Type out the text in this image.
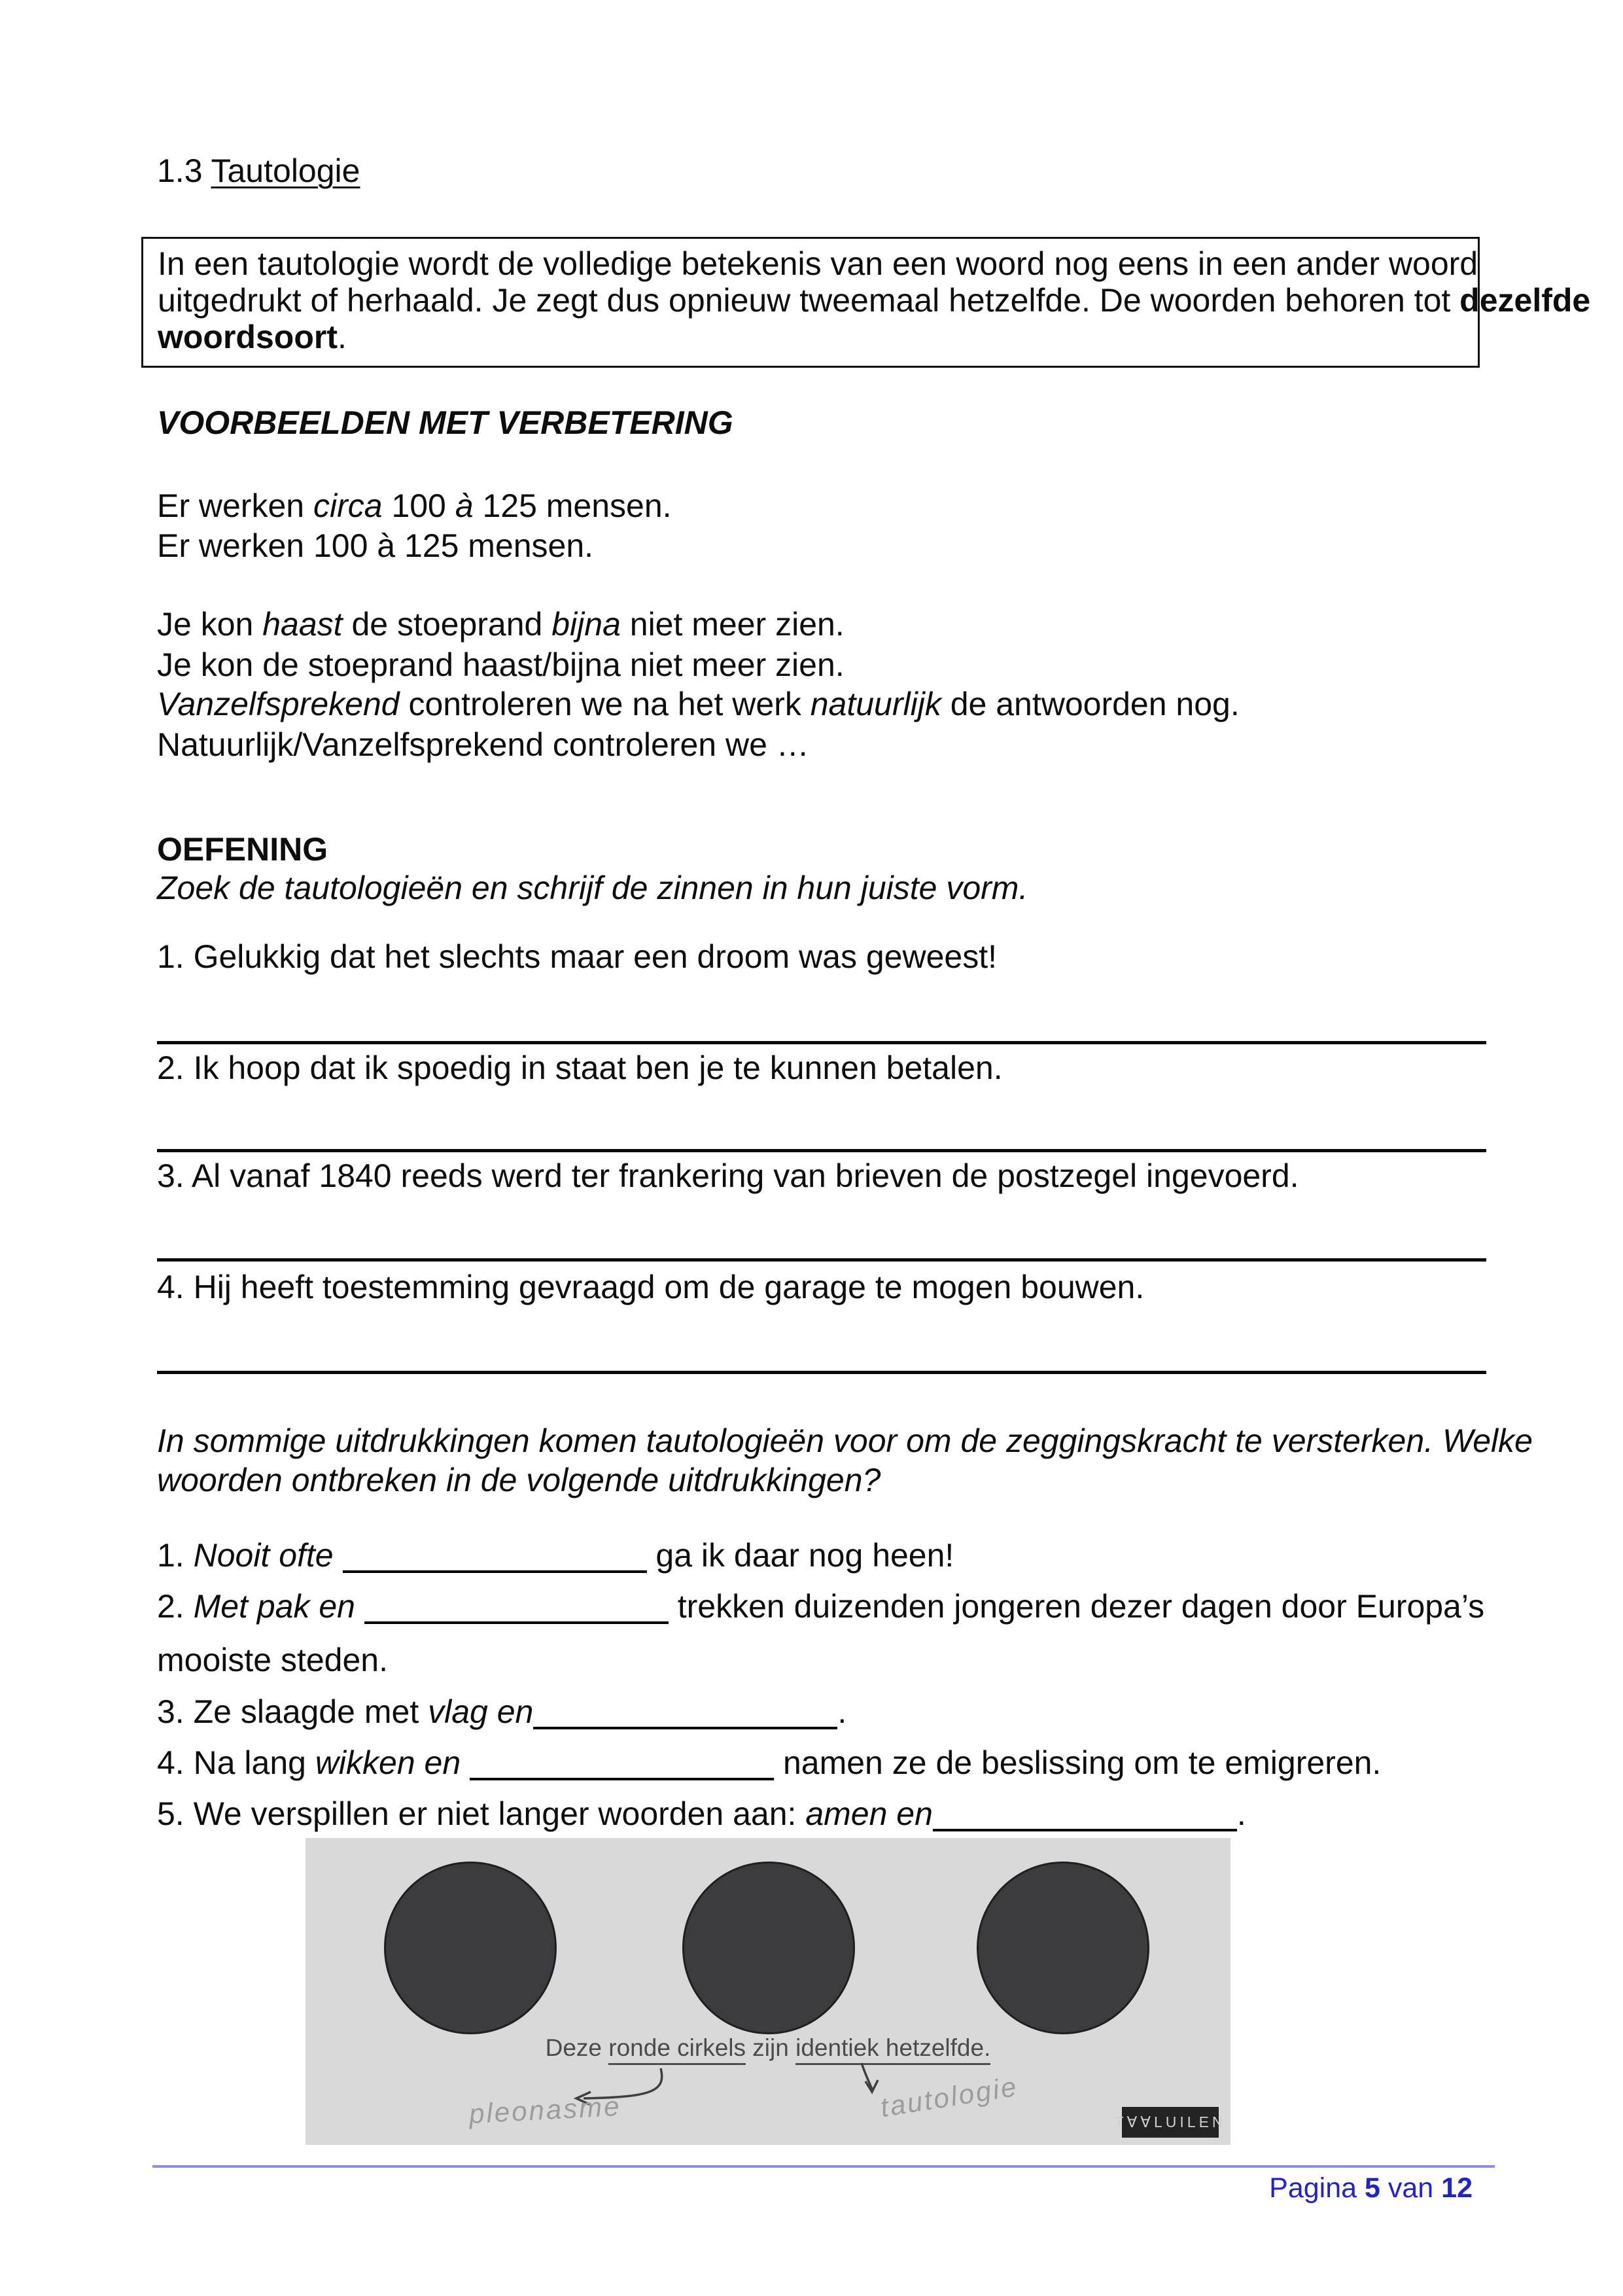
1.3 Tautologie
In een tautologie wordt de volledige betekenis van een woord nog eens in een ander woord
uitgedrukt of herhaald. Je zegt dus opnieuw tweemaal hetzelfde. De woorden behoren tot dezelfde
woordsoort.
VOORBEELDEN MET VERBETERING
Er werken circa 100 à 125 mensen.
Er werken 100 à 125 mensen.
Je kon haast de stoeprand bijna niet meer zien.
Je kon de stoeprand haast/bijna niet meer zien.
Vanzelfsprekend controleren we na het werk natuurlijk de antwoorden nog.
Natuurlijk/Vanzelfsprekend controleren we …
OEFENING
Zoek de tautologieën en schrijf de zinnen in hun juiste vorm.
1. Gelukkig dat het slechts maar een droom was geweest!
2. Ik hoop dat ik spoedig in staat ben je te kunnen betalen.
3. Al vanaf 1840 reeds werd ter frankering van brieven de postzegel ingevoerd.
4. Hij heeft toestemming gevraagd om de garage te mogen bouwen.
In sommige uitdrukkingen komen tautologieën voor om de zeggingskracht te versterken. Welke
woorden ontbreken in de volgende uitdrukkingen?
1. Nooit ofte	ga ik daar nog heen!
2. Met pak en	trekken duizenden jongeren dezer dagen door Europa’s
mooiste steden.
3. Ze slaagde met vlag en	.
4. Na lang wikken en	namen ze de beslissing om te emigreren.
5. We verspillen er niet langer woorden aan: amen en	.
Deze ronde cirkels zijn identiek hetzelfde.
pleonasme	tautologie	T∀∀LUILEN
Pagina 5 van 12
